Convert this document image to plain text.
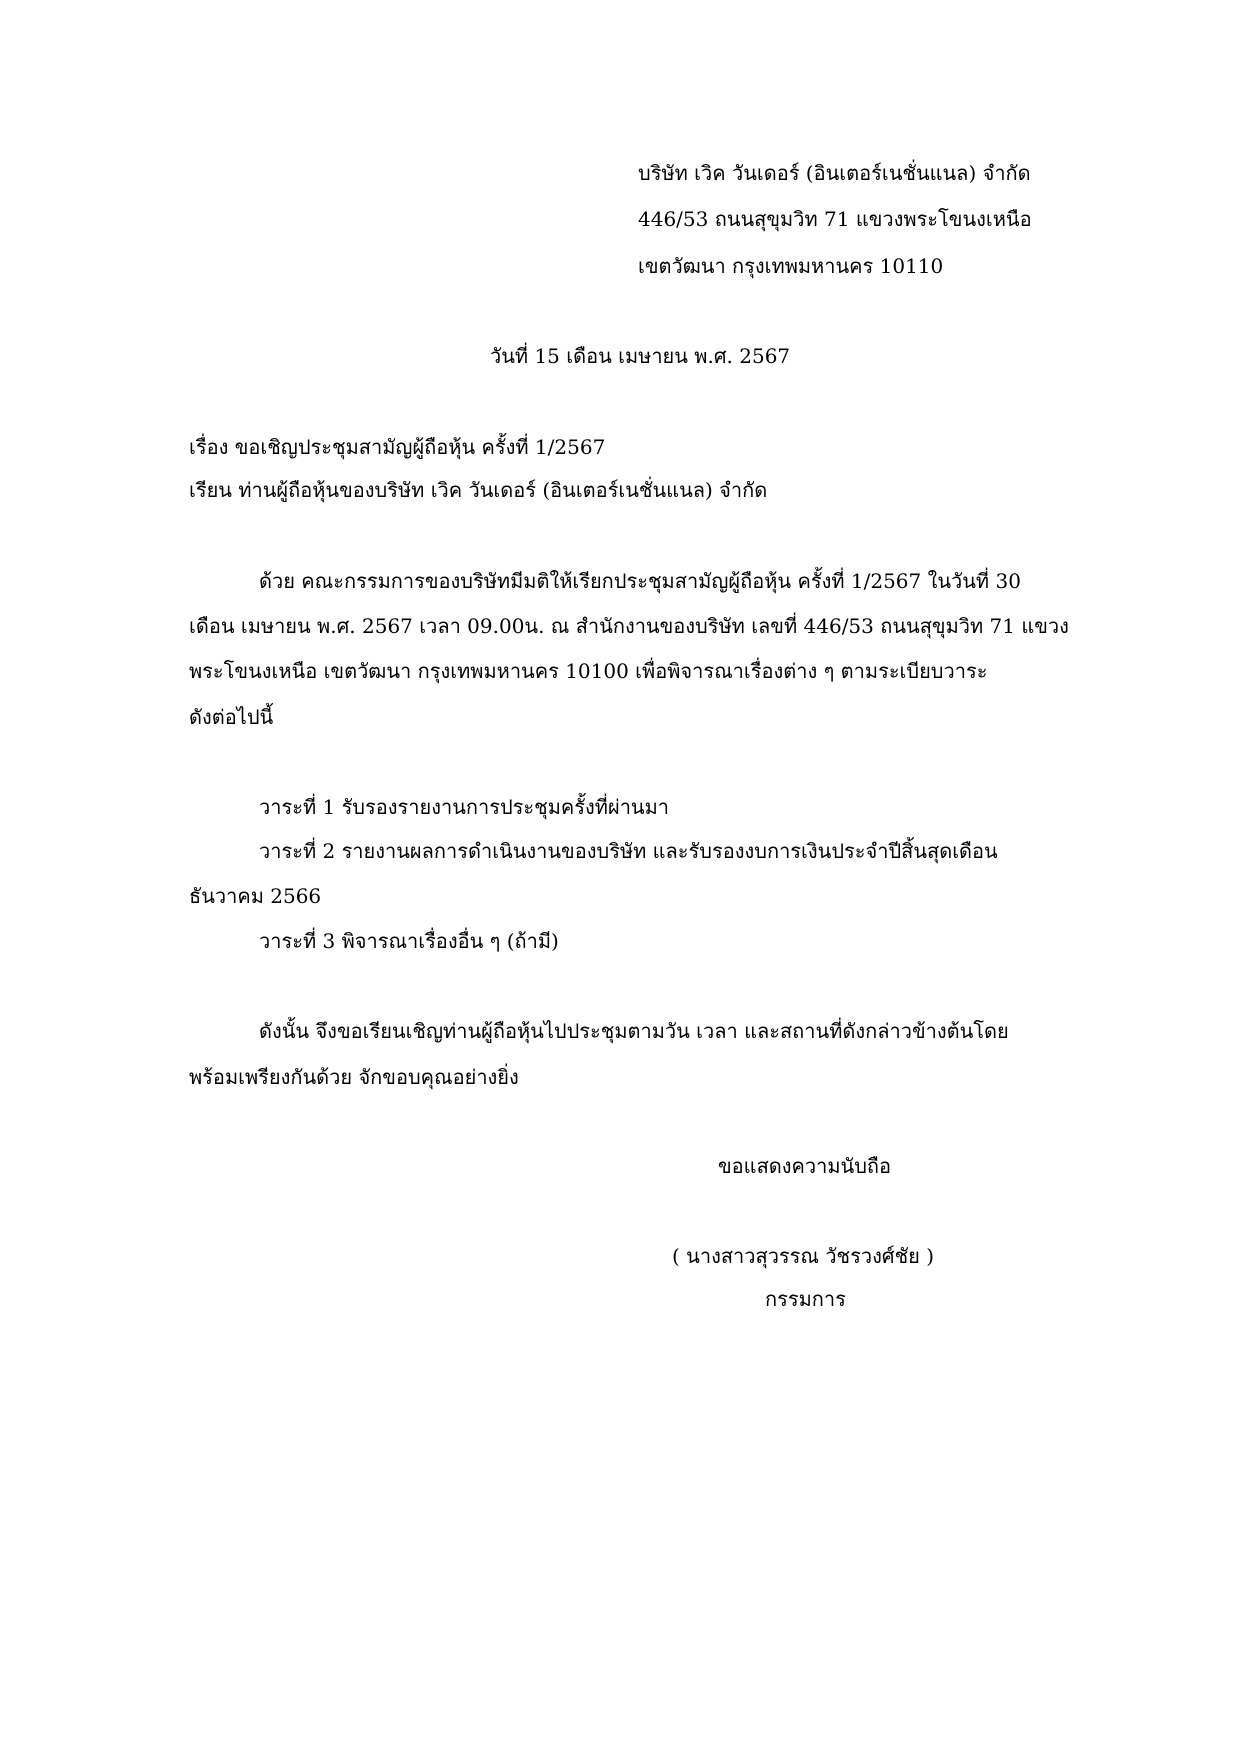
บริษัท เวิค วันเดอร์ (อินเตอร์เนชั่นแนล) จำกัด

446/53 ถนนสุขุมวิท 71 แขวงพระโขนงเหนือ

เขตวัฒนา กรุงเทพมหานคร 10110

วันที่ 15 เดือน เมษายน พ.ศ. 2567

เรื่อง ขอเชิญประชุมสามัญผู้ถือหุ้น ครั้งที่ 1/2567

เรียน ท่านผู้ถือหุ้นของบริษัท เวิค วันเดอร์ (อินเตอร์เนชั่นแนล) จำกัด

ด้วย คณะกรรมการของบริษัทมีมติให้เรียกประชุมสามัญผู้ถือหุ้น ครั้งที่ 1/2567 ในวันที่ 30

เดือน เมษายน พ.ศ. 2567 เวลา 09.00น. ณ สำนักงานของบริษัท เลขที่ 446/53 ถนนสุขุมวิท 71 แขวง

พระโขนงเหนือ เขตวัฒนา กรุงเทพมหานคร 10100 เพื่อพิจารณาเรื่องต่าง ๆ ตามระเบียบวาระ

ดังต่อไปนี้

วาระที่ 1 รับรองรายงานการประชุมครั้งที่ผ่านมา

วาระที่ 2 รายงานผลการดำเนินงานของบริษัท และรับรองงบการเงินประจำปีสิ้นสุดเดือน

ธันวาคม 2566

วาระที่ 3 พิจารณาเรื่องอื่น ๆ (ถ้ามี)

ดังนั้น จึงขอเรียนเชิญท่านผู้ถือหุ้นไปประชุมตามวัน เวลา และสถานที่ดังกล่าวข้างต้นโดย

พร้อมเพรียงกันด้วย จักขอบคุณอย่างยิ่ง

ขอแสดงความนับถือ

( นางสาวสุวรรณ วัชรวงศ์ชัย )

กรรมการ
